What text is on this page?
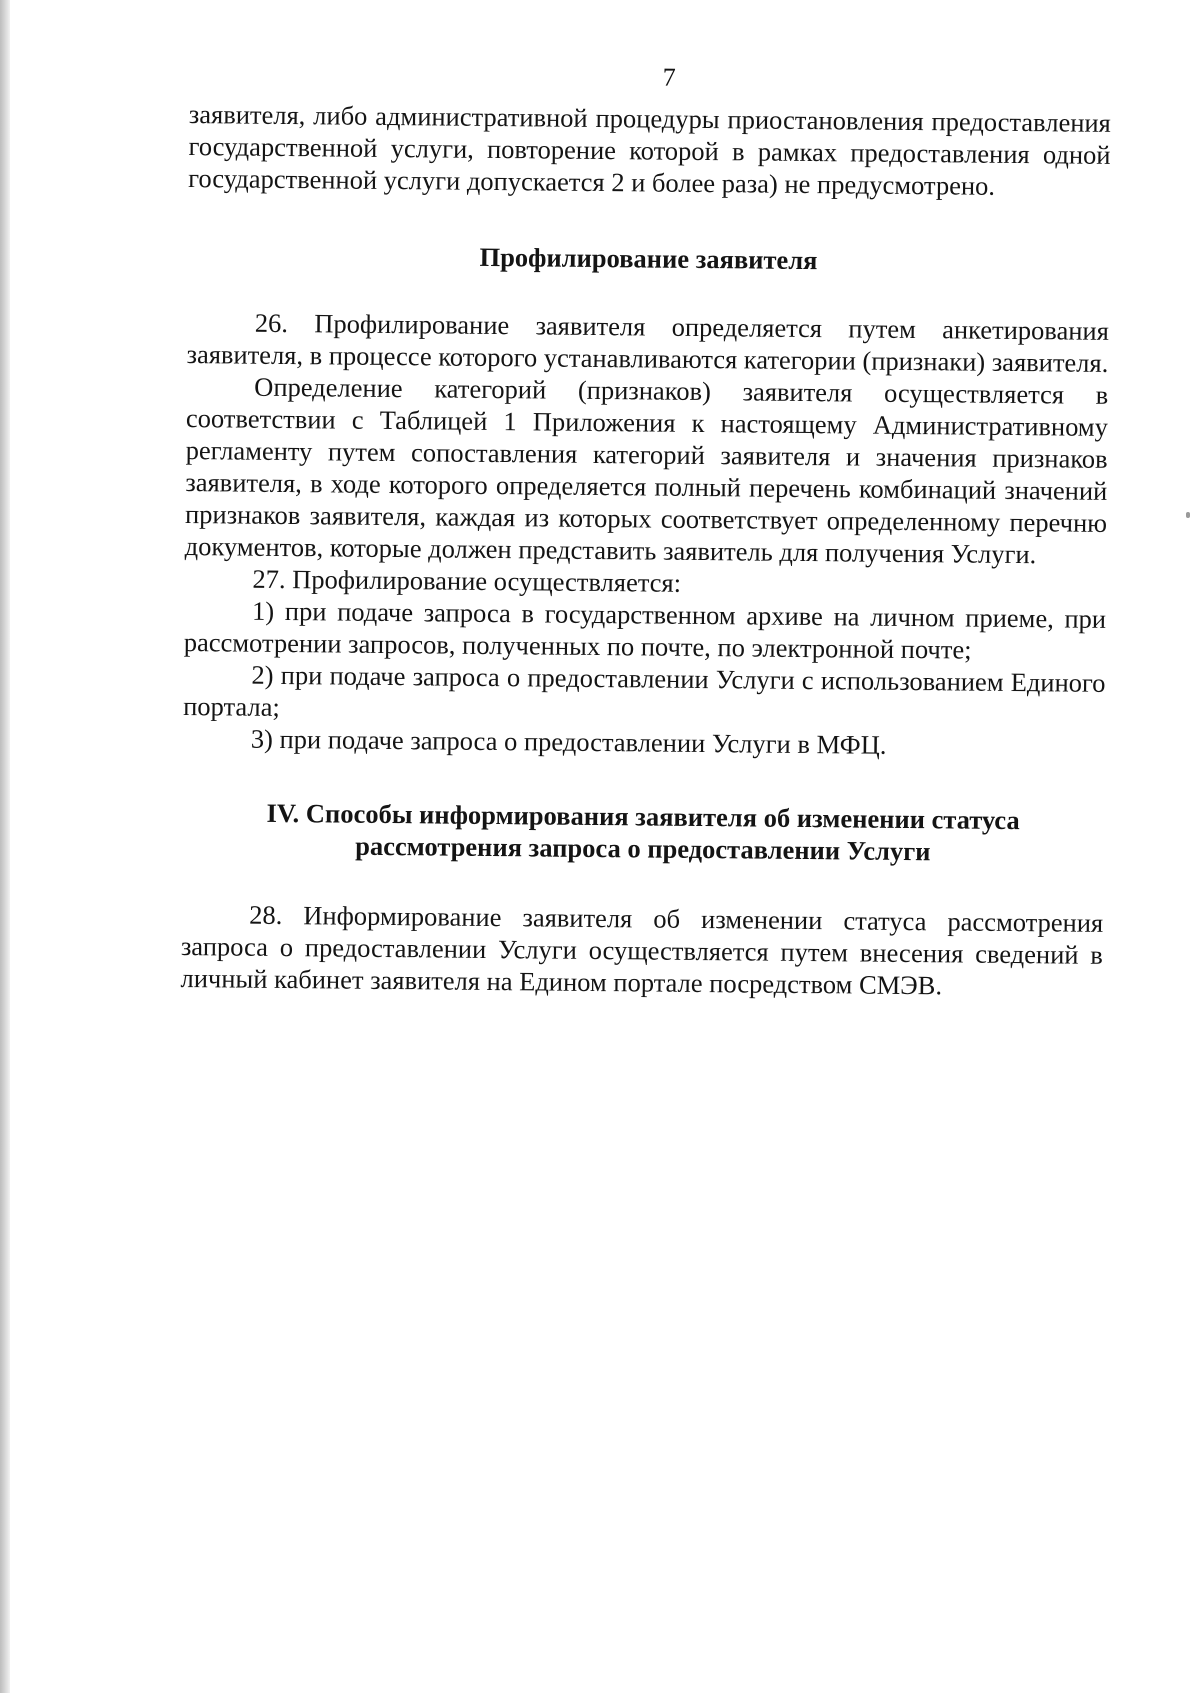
7

заявителя, либо административной процедуры приостановления предоставления государственной услуги, повторение которой в рамках предоставления одной государственной услуги допускается 2 и более раза) не предусмотрено.

Профилирование заявителя

26. Профилирование заявителя определяется путем анкетирования заявителя, в процессе которого устанавливаются категории (признаки) заявителя.

Определение категорий (признаков) заявителя осуществляется в соответствии с Таблицей 1 Приложения к настоящему Административному регламенту путем сопоставления категорий заявителя и значения признаков заявителя, в ходе которого определяется полный перечень комбинаций значений признаков заявителя, каждая из которых соответствует определенному перечню документов, которые должен представить заявитель для получения Услуги.

27. Профилирование осуществляется:

1) при подаче запроса в государственном архиве на личном приеме, при рассмотрении запросов, полученных по почте, по электронной почте;

2) при подаче запроса о предоставлении Услуги с использованием Единого портала;

3) при подаче запроса о предоставлении Услуги в МФЦ.

IV. Способы информирования заявителя об изменении статуса
рассмотрения запроса о предоставлении Услуги

28. Информирование заявителя об изменении статуса рассмотрения запроса о предоставлении Услуги осуществляется путем внесения сведений в личный кабинет заявителя на Едином портале посредством СМЭВ.
